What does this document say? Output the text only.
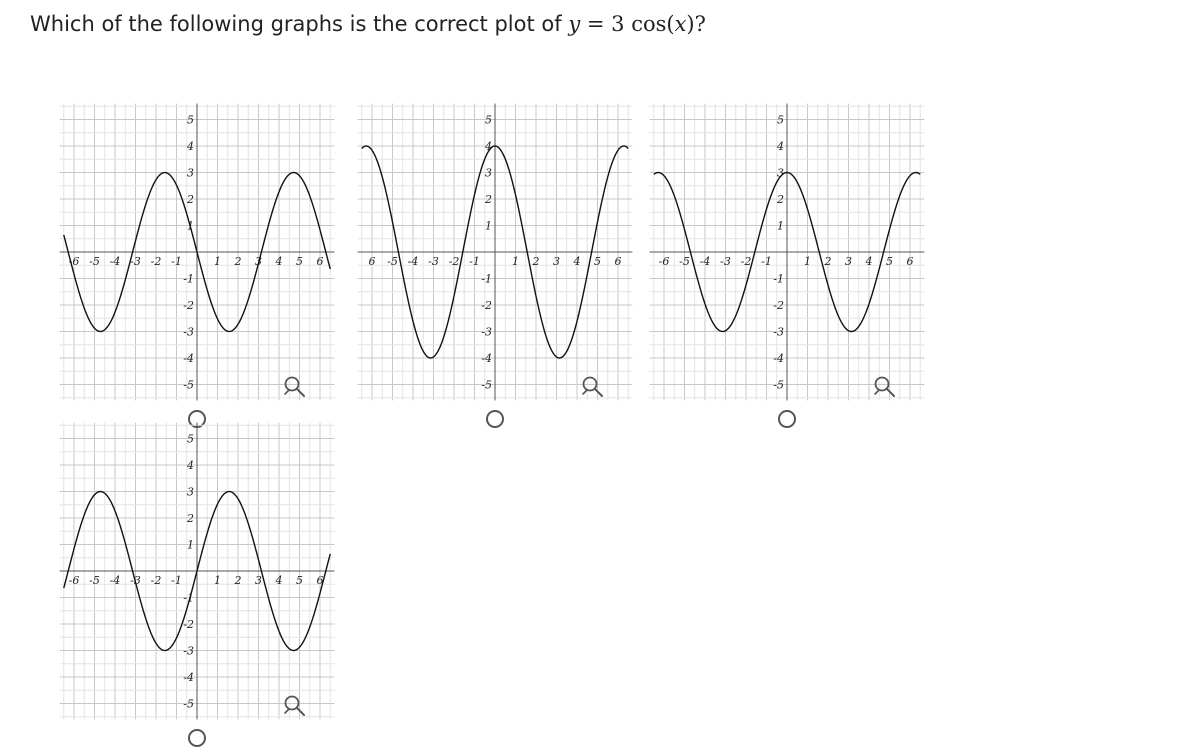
Which of the following graphs is the correct plot of y = 3 cos(x)?
-6 -5 -4 -3 -2 -1	1 2 3 4 5 6
5
4
3
2
1
-1
-2
-3
-4
-5
6 -5 -4 -3 -2 -1	1 2 3 4 5 6
5
4
3
2
1
-1
-2
-3
-4
-5
-6 -5 -4 -3 -2 -1	1 2 3 4 5 6
5
4
3
2
1
-1
-2
-3
-4
-5
-6 -5 -4 -3 -2 -1	1 2 3 4 5 6
5
4
3
2
1
-1
-2
-3
-4
-5
